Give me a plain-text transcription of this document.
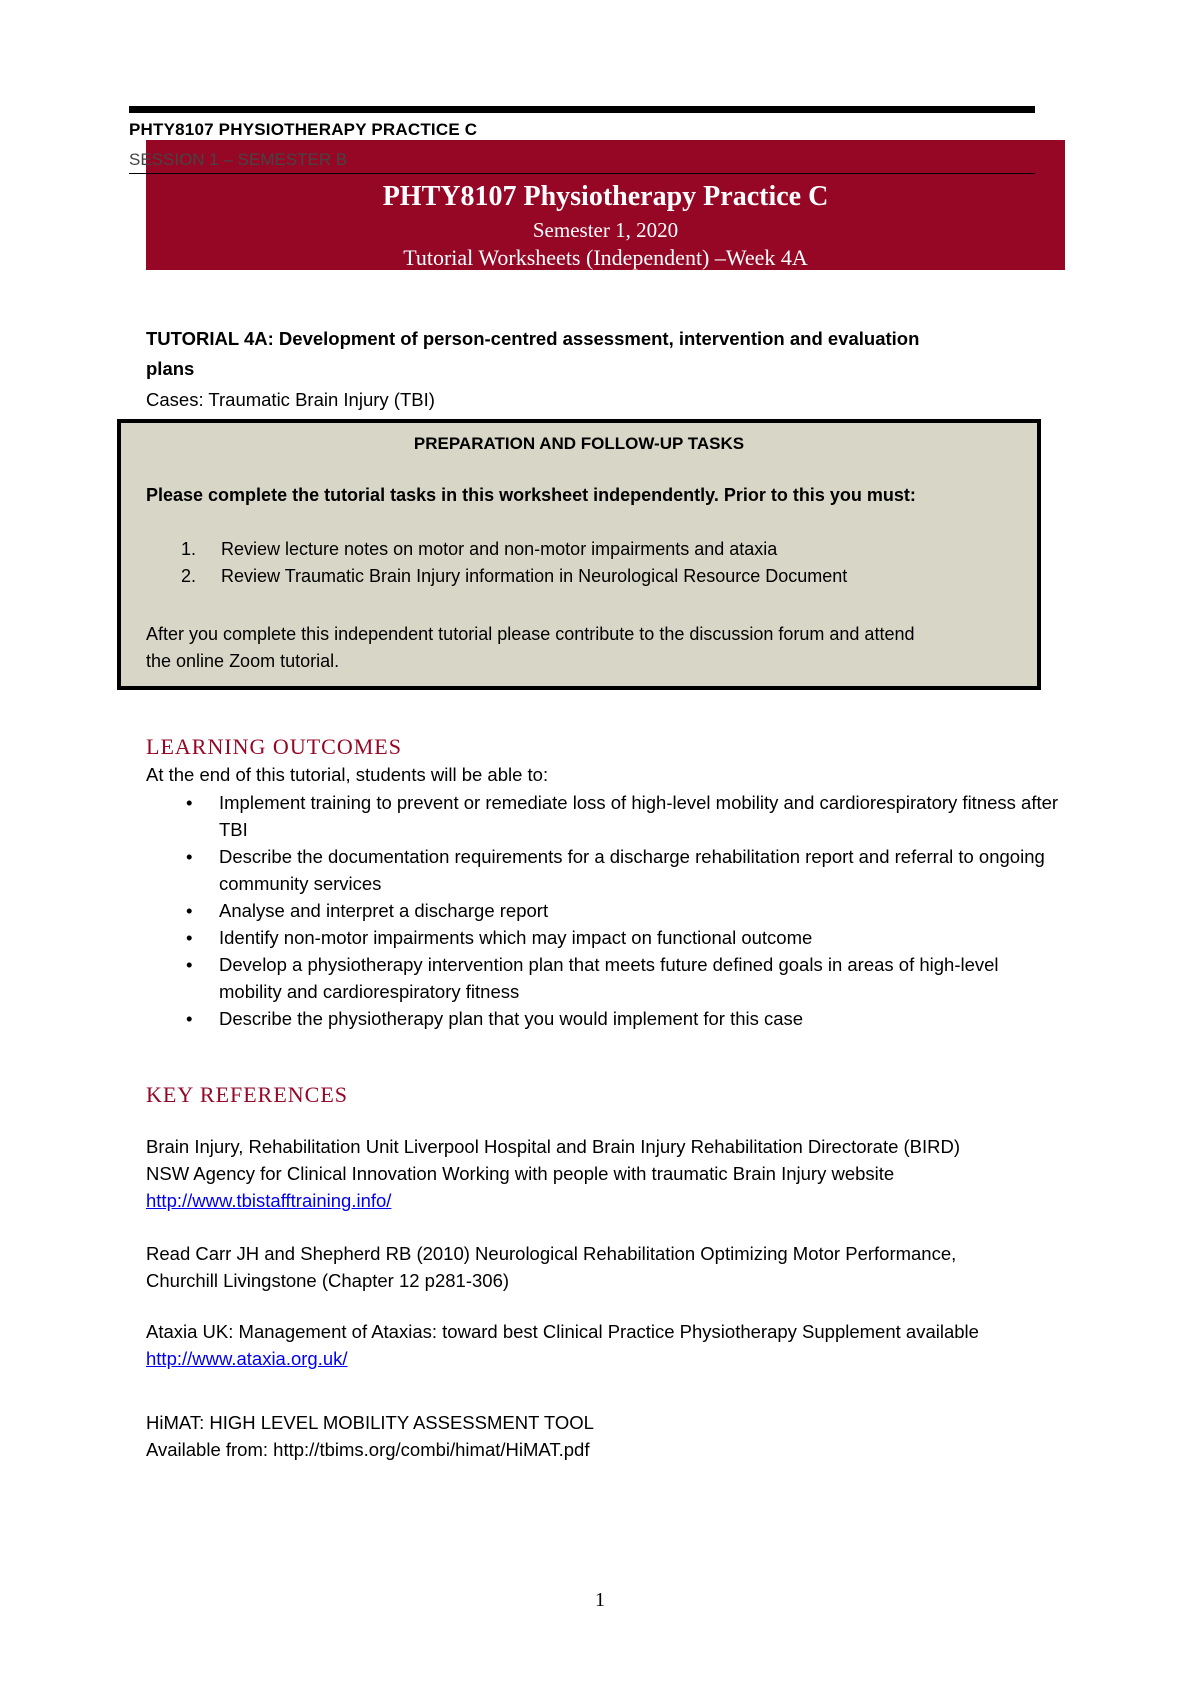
PHTY8107 PHYSIOTHERAPY PRACTICE C
SESSION 1 – SEMESTER B
PHTY8107 Physiotherapy Practice C
Semester 1, 2020
Tutorial Worksheets (Independent) –Week 4A
TUTORIAL 4A: Development of person-centred assessment, intervention and evaluation
plans
Cases: Traumatic Brain Injury (TBI)
PREPARATION AND FOLLOW-UP TASKS
Please complete the tutorial tasks in this worksheet independently. Prior to this you must:
1. Review lecture notes on motor and non-motor impairments and ataxia
2. Review Traumatic Brain Injury information in Neurological Resource Document
After you complete this independent tutorial please contribute to the discussion forum and attend
the online Zoom tutorial.
LEARNING OUTCOMES
At the end of this tutorial, students will be able to:
• Implement training to prevent or remediate loss of high-level mobility and cardiorespiratory fitness after TBI
• Describe the documentation requirements for a discharge rehabilitation report and referral to ongoing community services
• Analyse and interpret a discharge report
• Identify non-motor impairments which may impact on functional outcome
• Develop a physiotherapy intervention plan that meets future defined goals in areas of high-level mobility and cardiorespiratory fitness
• Describe the physiotherapy plan that you would implement for this case
KEY REFERENCES
Brain Injury, Rehabilitation Unit Liverpool Hospital and Brain Injury Rehabilitation Directorate (BIRD)
NSW Agency for Clinical Innovation Working with people with traumatic Brain Injury website
http://www.tbistafftraining.info/
Read Carr JH and Shepherd RB (2010) Neurological Rehabilitation Optimizing Motor Performance,
Churchill Livingstone (Chapter 12 p281-306)
Ataxia UK: Management of Ataxias: toward best Clinical Practice Physiotherapy Supplement available
http://www.ataxia.org.uk/
HiMAT: HIGH LEVEL MOBILITY ASSESSMENT TOOL
Available from: http://tbims.org/combi/himat/HiMAT.pdf
1
